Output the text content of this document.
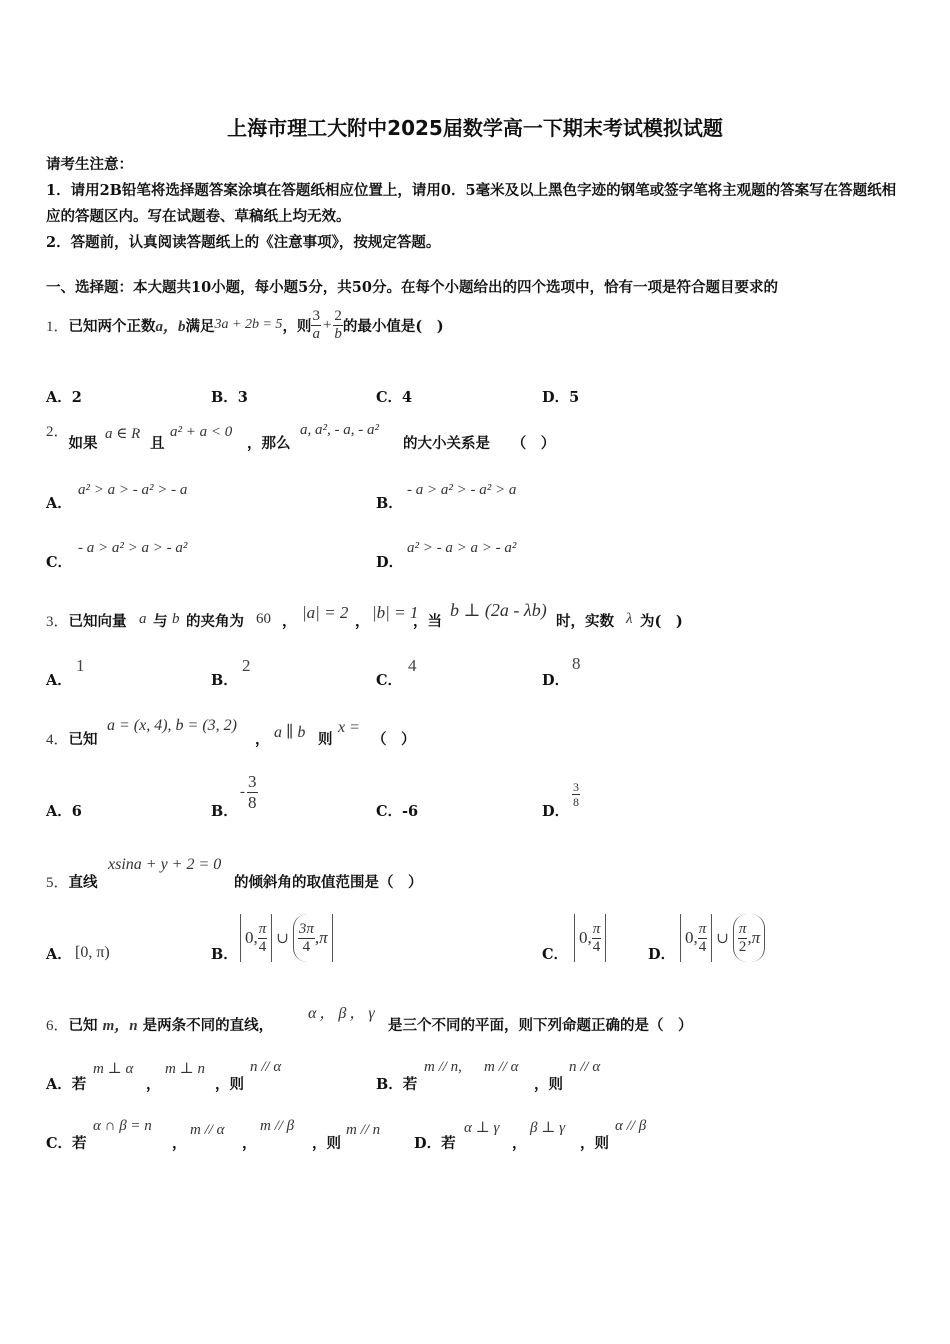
上海市理工大附中2025届数学高一下期末考试模拟试题
请考生注意：
1．请用2B铅笔将选择题答案涂填在答题纸相应位置上，请用0．5毫米及以上黑色字迹的钢笔或签字笔将主观题的答案写在答题纸相应的答题区内。写在试题卷、草稿纸上均无效。
2．答题前，认真阅读答题纸上的《注意事项》，按规定答题。
一、选择题：本大题共10小题，每小题5分，共50分。在每个小题给出的四个选项中，恰有一项是符合题目要求的
1． 已知两个正数 a，b 满足 3a + 2b = 5 ，则 $\frac{3}{a} + \frac{2}{b}$ 的最小值是(　)
A．2	B．3	C．4	D．5
2．如果
a ∈ R
且
a² + a < 0
，那么
a, a², - a, - a²
的大小关系是　　（　）
A．
a² > a > - a² > - a
B．
- a > a² > - a² > a
C．
- a > a² > a > - a²
D．
a² > - a > a > - a²
3．已知向量 a 与 b 的夹角为 60 ， |a| = 2 ， |b| = 1
，当
b ⊥ (2a - λb)
时，实数 λ 为(　)
A．
1
B．
2
C．
4
D．
8
4．已知
a = (x, 4), b = (3, 2)
， a ∥ b 则
x =
（　）
A．6	B．
- $\frac{3}{8}$	C．-6	D．
$\frac{3}{8}$
xsina + y + 2 = 0
5．直线	的倾斜角的取值范围是（　）
A． [0, π)	B．
0, $\frac{\pi}{4}$ ∪ $\frac{3\pi}{4} ,\pi$
C．
0, $\frac{\pi}{4}$	D．
0, $\frac{\pi}{4}$ ∪ $\frac{\pi}{2} ,\pi$
6．已知 m，n 是两条不同的直线，
α，β，γ
是三个不同的平面，则下列命题正确的是（　）
A．若
m ⊥ α
，
m ⊥ n
，则
n // α
B．若
m // n, m // α
，则
n // α
C．若
α ∩ β = n
，
m // α
，
m // β
，则
m // n
D．若
α ⊥ γ
，
β ⊥ γ
，则
α // β
